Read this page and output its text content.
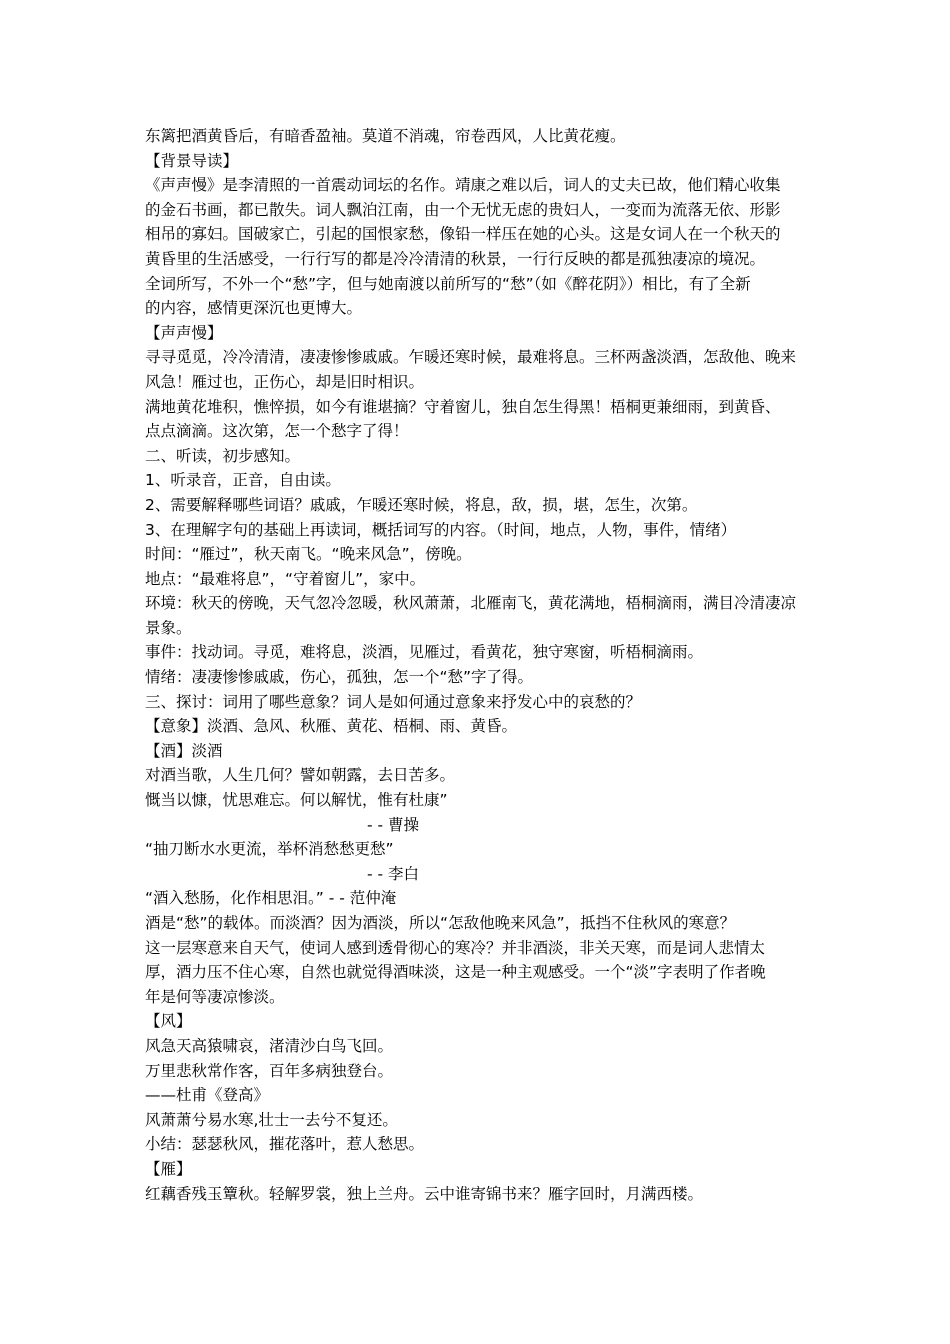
东篱把酒黄昏后，有暗香盈袖。莫道不消魂，帘卷西风，人比黄花瘦。
【背景导读】
《声声慢》是李清照的一首震动词坛的名作。靖康之难以后，词人的丈夫已故，他们精心收集
的金石书画，都已散失。词人飘泊江南，由一个无忧无虑的贵妇人，一变而为流落无依、形影
相吊的寡妇。国破家亡，引起的国恨家愁，像铅一样压在她的心头。这是女词人在一个秋天的
黄昏里的生活感受，一行行写的都是冷冷清清的秋景，一行行反映的都是孤独凄凉的境况。
全词所写，不外一个“愁”字，但与她南渡以前所写的“愁”（如《醉花阴》）相比，有了全新
的内容，感情更深沉也更博大。
【声声慢】
寻寻觅觅，冷冷清清，凄凄惨惨戚戚。乍暖还寒时候，最难将息。三杯两盏淡酒，怎敌他、晚来
风急！雁过也，正伤心，却是旧时相识。
满地黄花堆积，憔悴损，如今有谁堪摘？守着窗儿，独自怎生得黑！梧桐更兼细雨，到黄昏、
点点滴滴。这次第，怎一个愁字了得！
二、听读，初步感知。
1、听录音，正音，自由读。
2、需要解释哪些词语？戚戚，乍暖还寒时候，将息，敌，损，堪，怎生，次第。
3、在理解字句的基础上再读词，概括词写的内容。（时间，地点，人物，事件，情绪）
时间：“雁过”，秋天南飞。“晚来风急”，傍晚。
地点：“最难将息”，“守着窗儿”，家中。
环境：秋天的傍晚，天气忽冷忽暖，秋风萧萧，北雁南飞，黄花满地，梧桐滴雨，满目冷清凄凉
景象。
事件：找动词。寻觅，难将息，淡酒，见雁过，看黄花，独守寒窗，听梧桐滴雨。
情绪：凄凄惨惨戚戚，伤心，孤独，怎一个“愁”字了得。
三、探讨：词用了哪些意象？词人是如何通过意象来抒发心中的哀愁的？
【意象】淡酒、急风、秋雁、黄花、梧桐、雨、黄昏。
【酒】淡酒
对酒当歌，人生几何？譬如朝露，去日苦多。
慨当以慷，忧思难忘。何以解忧，惟有杜康”
- - 曹操
“抽刀断水水更流，举杯消愁愁更愁”
- - 李白
“酒入愁肠，化作相思泪。” - - 范仲淹
酒是“愁”的载体。而淡酒？因为酒淡，所以“怎敌他晚来风急”，抵挡不住秋风的寒意？
这一层寒意来自天气，使词人感到透骨彻心的寒冷？并非酒淡，非关天寒，而是词人悲情太
厚，酒力压不住心寒，自然也就觉得酒味淡，这是一种主观感受。一个“淡”字表明了作者晚
年是何等凄凉惨淡。
【风】
风急天高猿啸哀，渚清沙白鸟飞回。
万里悲秋常作客，百年多病独登台。
——杜甫《登高》
风萧萧兮易水寒,壮士一去兮不复还。
小结：瑟瑟秋风，摧花落叶，惹人愁思。
【雁】
红藕香残玉簟秋。轻解罗裳，独上兰舟。云中谁寄锦书来？雁字回时，月满西楼。
